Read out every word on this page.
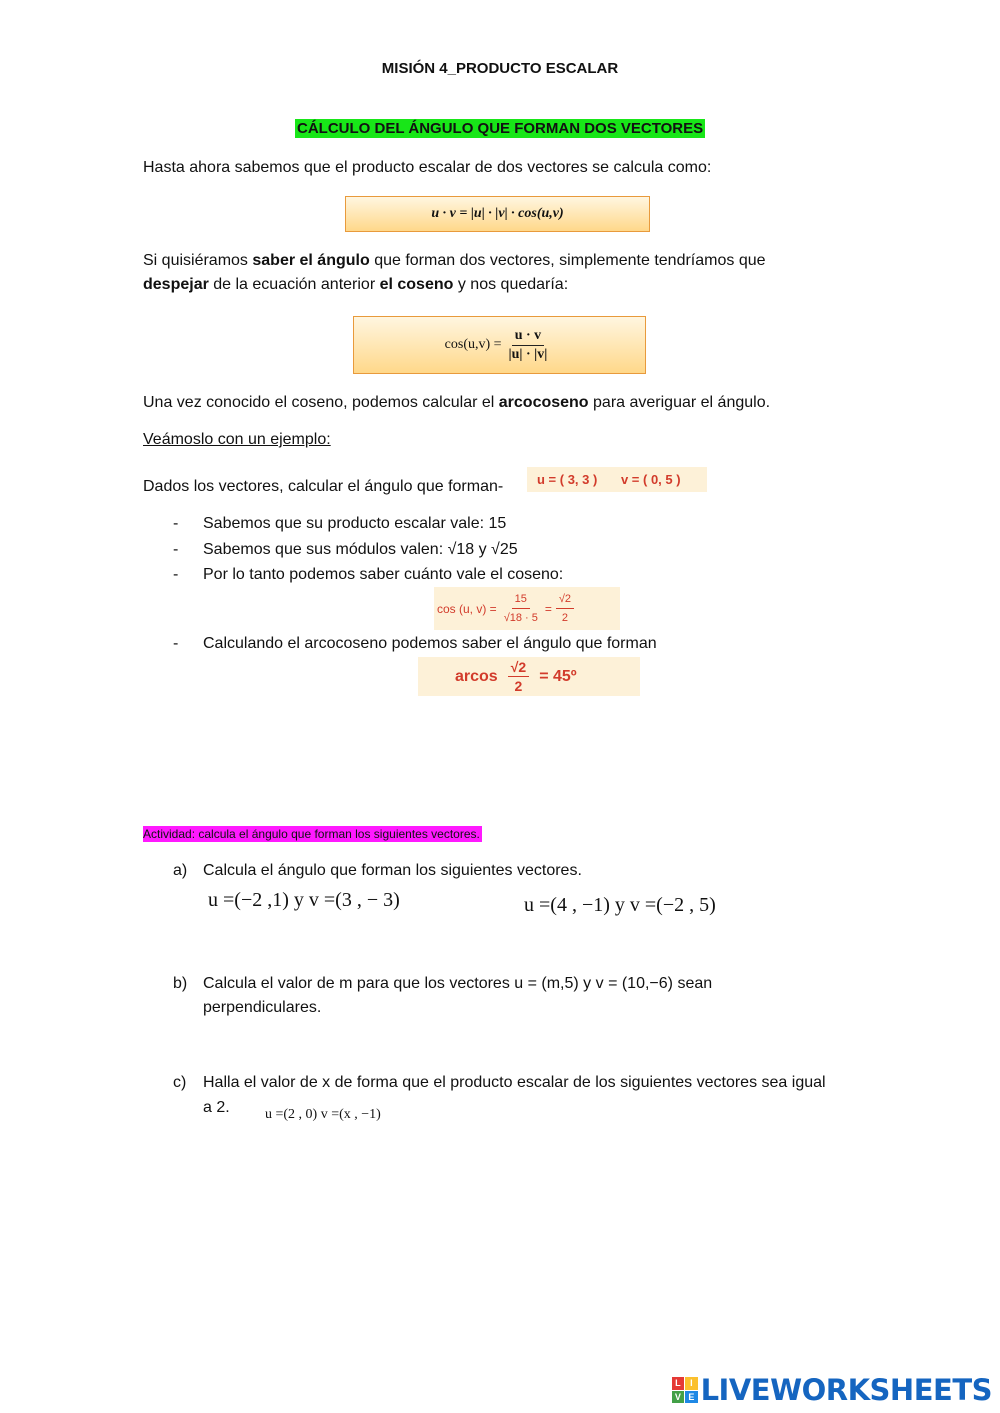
MISIÓN 4_PRODUCTO ESCALAR
CÁLCULO DEL ÁNGULO QUE FORMAN DOS VECTORES
Hasta ahora sabemos que el producto escalar de dos vectores se calcula como:
u · v = |u| · |v| · cos(u,v)
Si quisiéramos saber el ángulo que forman dos vectores, simplemente tendríamos que
despejar de la ecuación anterior el coseno y nos quedaría:
$\cos(u,v) = \frac{u \cdot v}{|u| \cdot |v|}$
Una vez conocido el coseno, podemos calcular el arcocoseno para averiguar el ángulo.
Veámoslo con un ejemplo:
Dados los vectores, calcular el ángulo que forman-	u = ( 3, 3 ) v = ( 0, 5 )
- Sabemos que su producto escalar vale: 15
- Sabemos que sus módulos valen: √18 y √25
- Por lo tanto podemos saber cuánto vale el coseno:
cos (u, $v) = \frac{15}{√18 \cdot 5} = \frac{√2}{2}$
- Calculando el arcocoseno podemos saber el ángulo que forman
arcos $\frac{√2}{2}$ = 45º
Actividad: calcula el ángulo que forman los siguientes vectores.
a) Calcula el ángulo que forman los siguientes vectores.
u =(−2 ,1) y v =(3 , − 3)	u =(4 , −1) y v =(−2 , 5)
b) Calcula el valor de m para que los vectores u = (m,5) y v = (10,−6) sean
perpendiculares.
c) Halla el valor de x de forma que el producto escalar de los siguientes vectores sea igual
a 2.	u =(2 , 0) v =(x , −1)
L	I
V E LIVEWORKSHEETS
